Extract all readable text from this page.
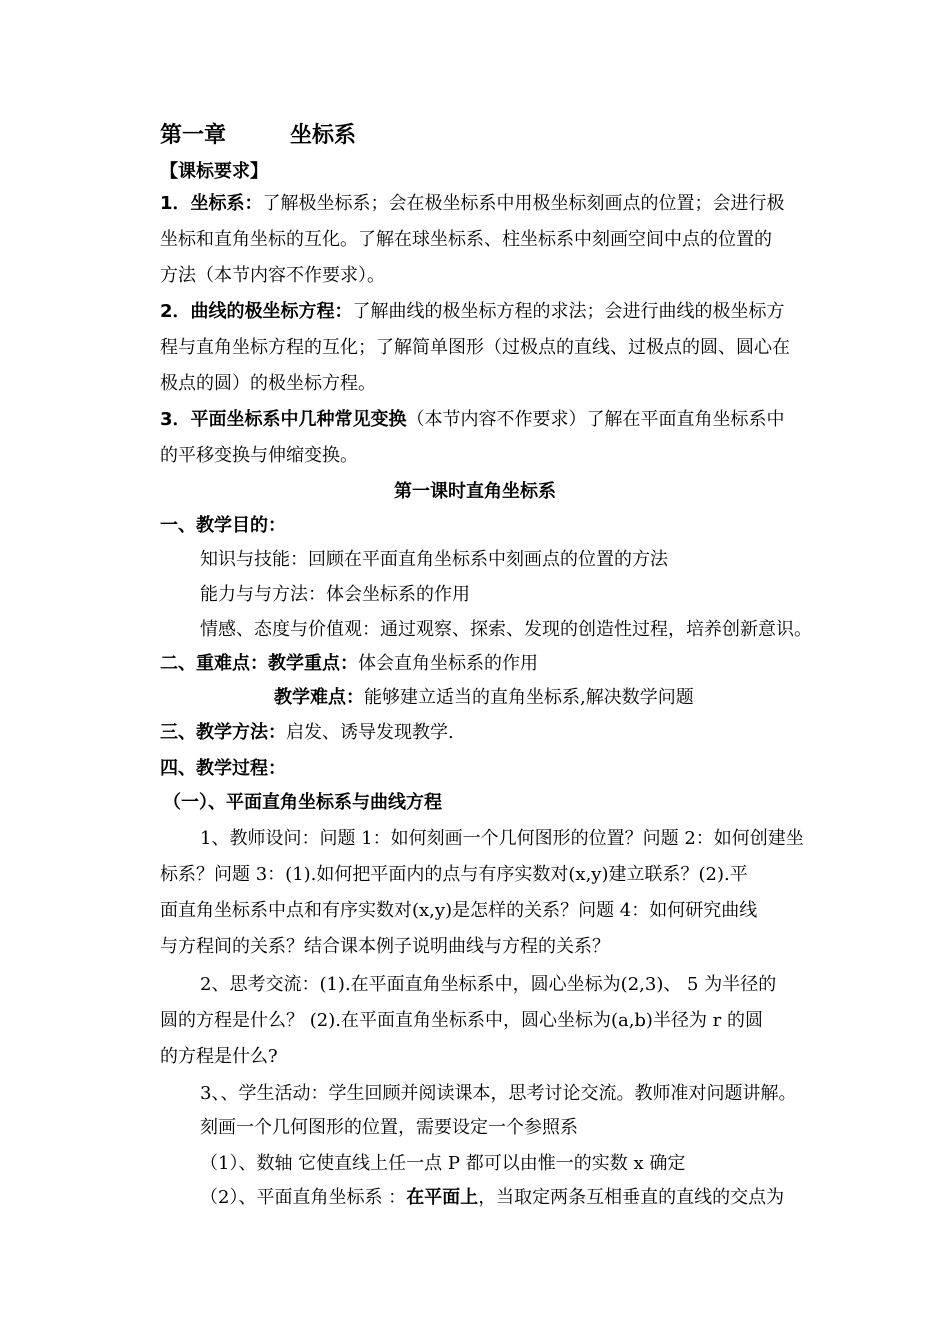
第一章	坐标系
【课标要求】
1．坐标系：了解极坐标系；会在极坐标系中用极坐标刻画点的位置；会进行极
坐标和直角坐标的互化。了解在球坐标系、柱坐标系中刻画空间中点的位置的
方法（本节内容不作要求）。
2．曲线的极坐标方程：了解曲线的极坐标方程的求法；会进行曲线的极坐标方
程与直角坐标方程的互化；了解简单图形（过极点的直线、过极点的圆、圆心在
极点的圆）的极坐标方程。
3．平面坐标系中几种常见变换（本节内容不作要求）了解在平面直角坐标系中
的平移变换与伸缩变换。
第一课时直角坐标系
一、教学目的：
知识与技能：回顾在平面直角坐标系中刻画点的位置的方法
能力与与方法：体会坐标系的作用
情感、态度与价值观：通过观察、探索、发现的创造性过程，培养创新意识。
二、重难点：教学重点：体会直角坐标系的作用
教学难点：能够建立适当的直角坐标系,解决数学问题
三、教学方法：启发、诱导发现教学.
四、教学过程：
（一）、平面直角坐标系与曲线方程
1、教师设问：问题 1：如何刻画一个几何图形的位置？问题 2：如何创建坐
标系？问题 3：(1).如何把平面内的点与有序实数对(x,y)建立联系？(2).平
面直角坐标系中点和有序实数对(x,y)是怎样的关系？问题 4：如何研究曲线
与方程间的关系？结合课本例子说明曲线与方程的关系？
2、思考交流：(1).在平面直角坐标系中，圆心坐标为(2,3)、 5 为半径的
圆的方程是什么？ (2).在平面直角坐标系中，圆心坐标为(a,b)半径为 r 的圆
的方程是什么?
3、、学生活动：学生回顾并阅读课本，思考讨论交流。教师准对问题讲解。
刻画一个几何图形的位置，需要设定一个参照系
（1）、数轴 它使直线上任一点 P 都可以由惟一的实数 x 确定
（2）、平面直角坐标系 ：在平面上，当取定两条互相垂直的直线的交点为
